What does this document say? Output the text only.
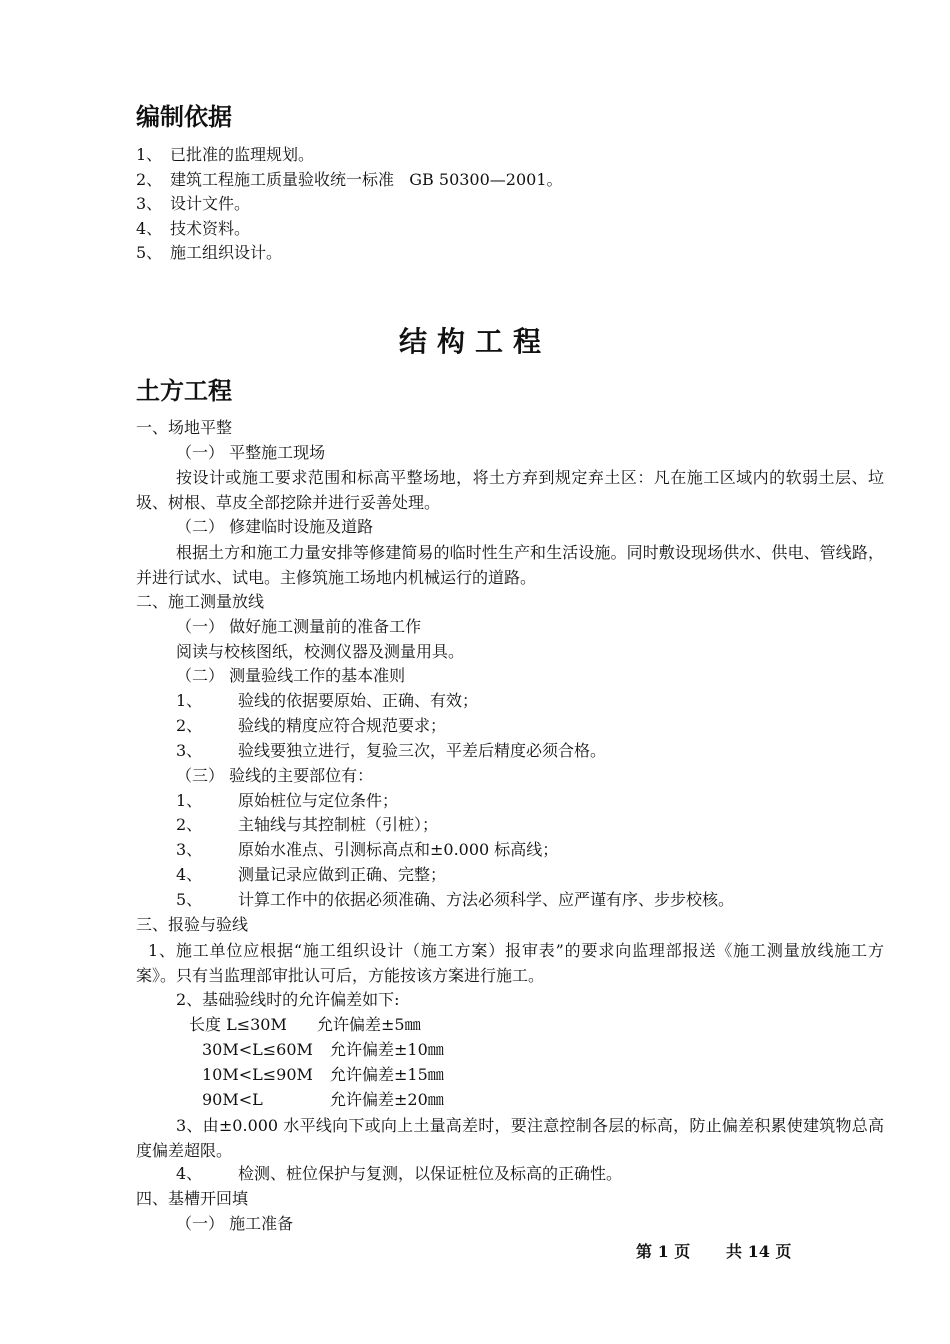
编制依据
1、 已批准的监理规划。
2、 建筑工程施工质量验收统一标准   GB 50300—2001。
3、 设计文件。
4、 技术资料。
5、 施工组织设计。
结构工程
土方工程
一、场地平整
（一） 平整施工现场
按设计或施工要求范围和标高平整场地，将土方弃到规定弃土区：凡在施工区域内的软弱土层、垃圾、树根、草皮全部挖除并进行妥善处理。
（二） 修建临时设施及道路
根据土方和施工力量安排等修建简易的临时性生产和生活设施。同时敷设现场供水、供电、管线路，并进行试水、试电。主修筑施工场地内机械运行的道路。
二、施工测量放线
（一） 做好施工测量前的准备工作
阅读与校核图纸，校测仪器及测量用具。
（二） 测量验线工作的基本准则
1、 验线的依据要原始、正确、有效；
2、 验线的精度应符合规范要求；
3、 验线要独立进行，复验三次，平差后精度必须合格。
（三） 验线的主要部位有：
1、 原始桩位与定位条件；
2、 主轴线与其控制桩（引桩）；
3、 原始水准点、引测标高点和±0.000 标高线；
4、 测量记录应做到正确、完整；
5、 计算工作中的依据必须准确、方法必须科学、应严谨有序、步步校核。
三、报验与验线
1、施工单位应根据“施工组织设计（施工方案）报审表”的要求向监理部报送《施工测量放线施工方案》。只有当监理部审批认可后，方能按该方案进行施工。
2、基础验线时的允许偏差如下:
长度 L≤30M 允许偏差±5㎜
30M<L≤60M 允许偏差±10㎜
10M<L≤90M 允许偏差±15㎜
90M<L	允许偏差±20㎜
3、由±0.000 水平线向下或向上土量高差时，要注意控制各层的标高，防止偏差积累使建筑物总高度偏差超限。
4、 检测、桩位保护与复测，以保证桩位及标高的正确性。
四、基槽开回填
（一） 施工准备
第 1 页 共 14 页
